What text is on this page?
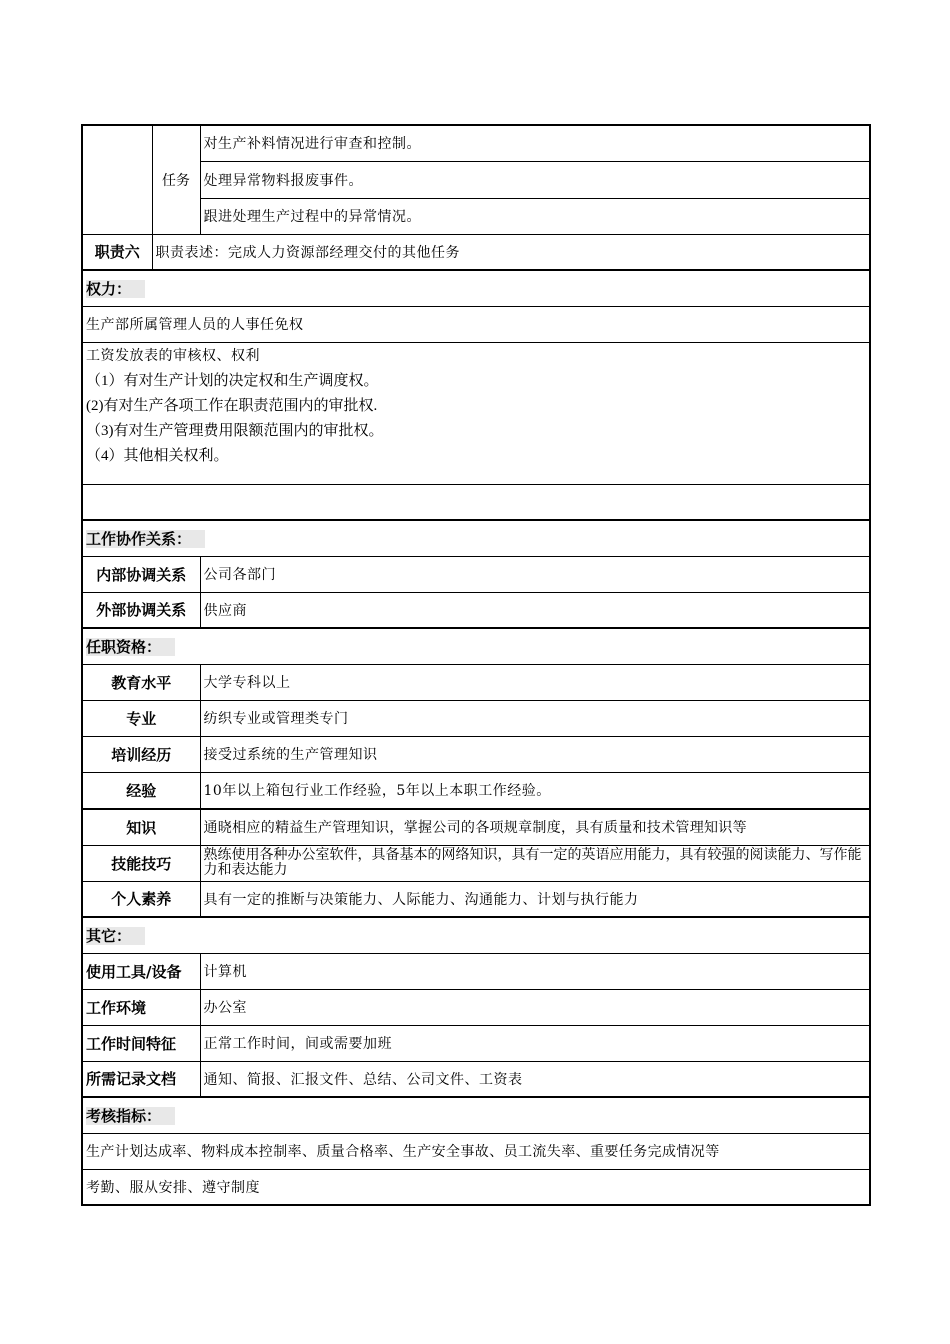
	任务	对生产补料情况进行审查和控制。
		处理异常物料报废事件。
		跟进处理生产过程中的异常情况。
职责六	职责表述：完成人力资源部经理交付的其他任务	
权力：		
生产部所属管理人员的人事任免权		

工资发放表的审核权、权利
（1）有对生产计划的决定权和生产调度权。
(2)有对生产各项工作在职责范围内的审批权.
（3)有对生产管理费用限额范围内的审批权。
（4）其他相关权利。		

工作协作关系：		
内部协调关系		公司各部门
外部协调关系		供应商
任职资格：		
教育水平		大学专科以上
专业		纺织专业或管理类专门
培训经历		接受过系统的生产管理知识
经验		10年以上箱包行业工作经验，5年以上本职工作经验。
知识		通晓相应的精益生产管理知识，掌握公司的各项规章制度，具有质量和技术管理知识等
技能技巧		熟练使用各种办公室软件，具备基本的网络知识，具有一定的英语应用能力，具有较强的阅读能力、写作能力和表达能力
个人素养		具有一定的推断与决策能力、人际能力、沟通能力、计划与执行能力
其它：		
使用工具/设备		计算机
工作环境		办公室
工作时间特征		正常工作时间，间或需要加班
所需记录文档		通知、简报、汇报文件、总结、公司文件、工资表
考核指标：		
生产计划达成率、物料成本控制率、质量合格率、生产安全事故、员工流失率、重要任务完成情况等		
考勤、服从安排、遵守制度		
